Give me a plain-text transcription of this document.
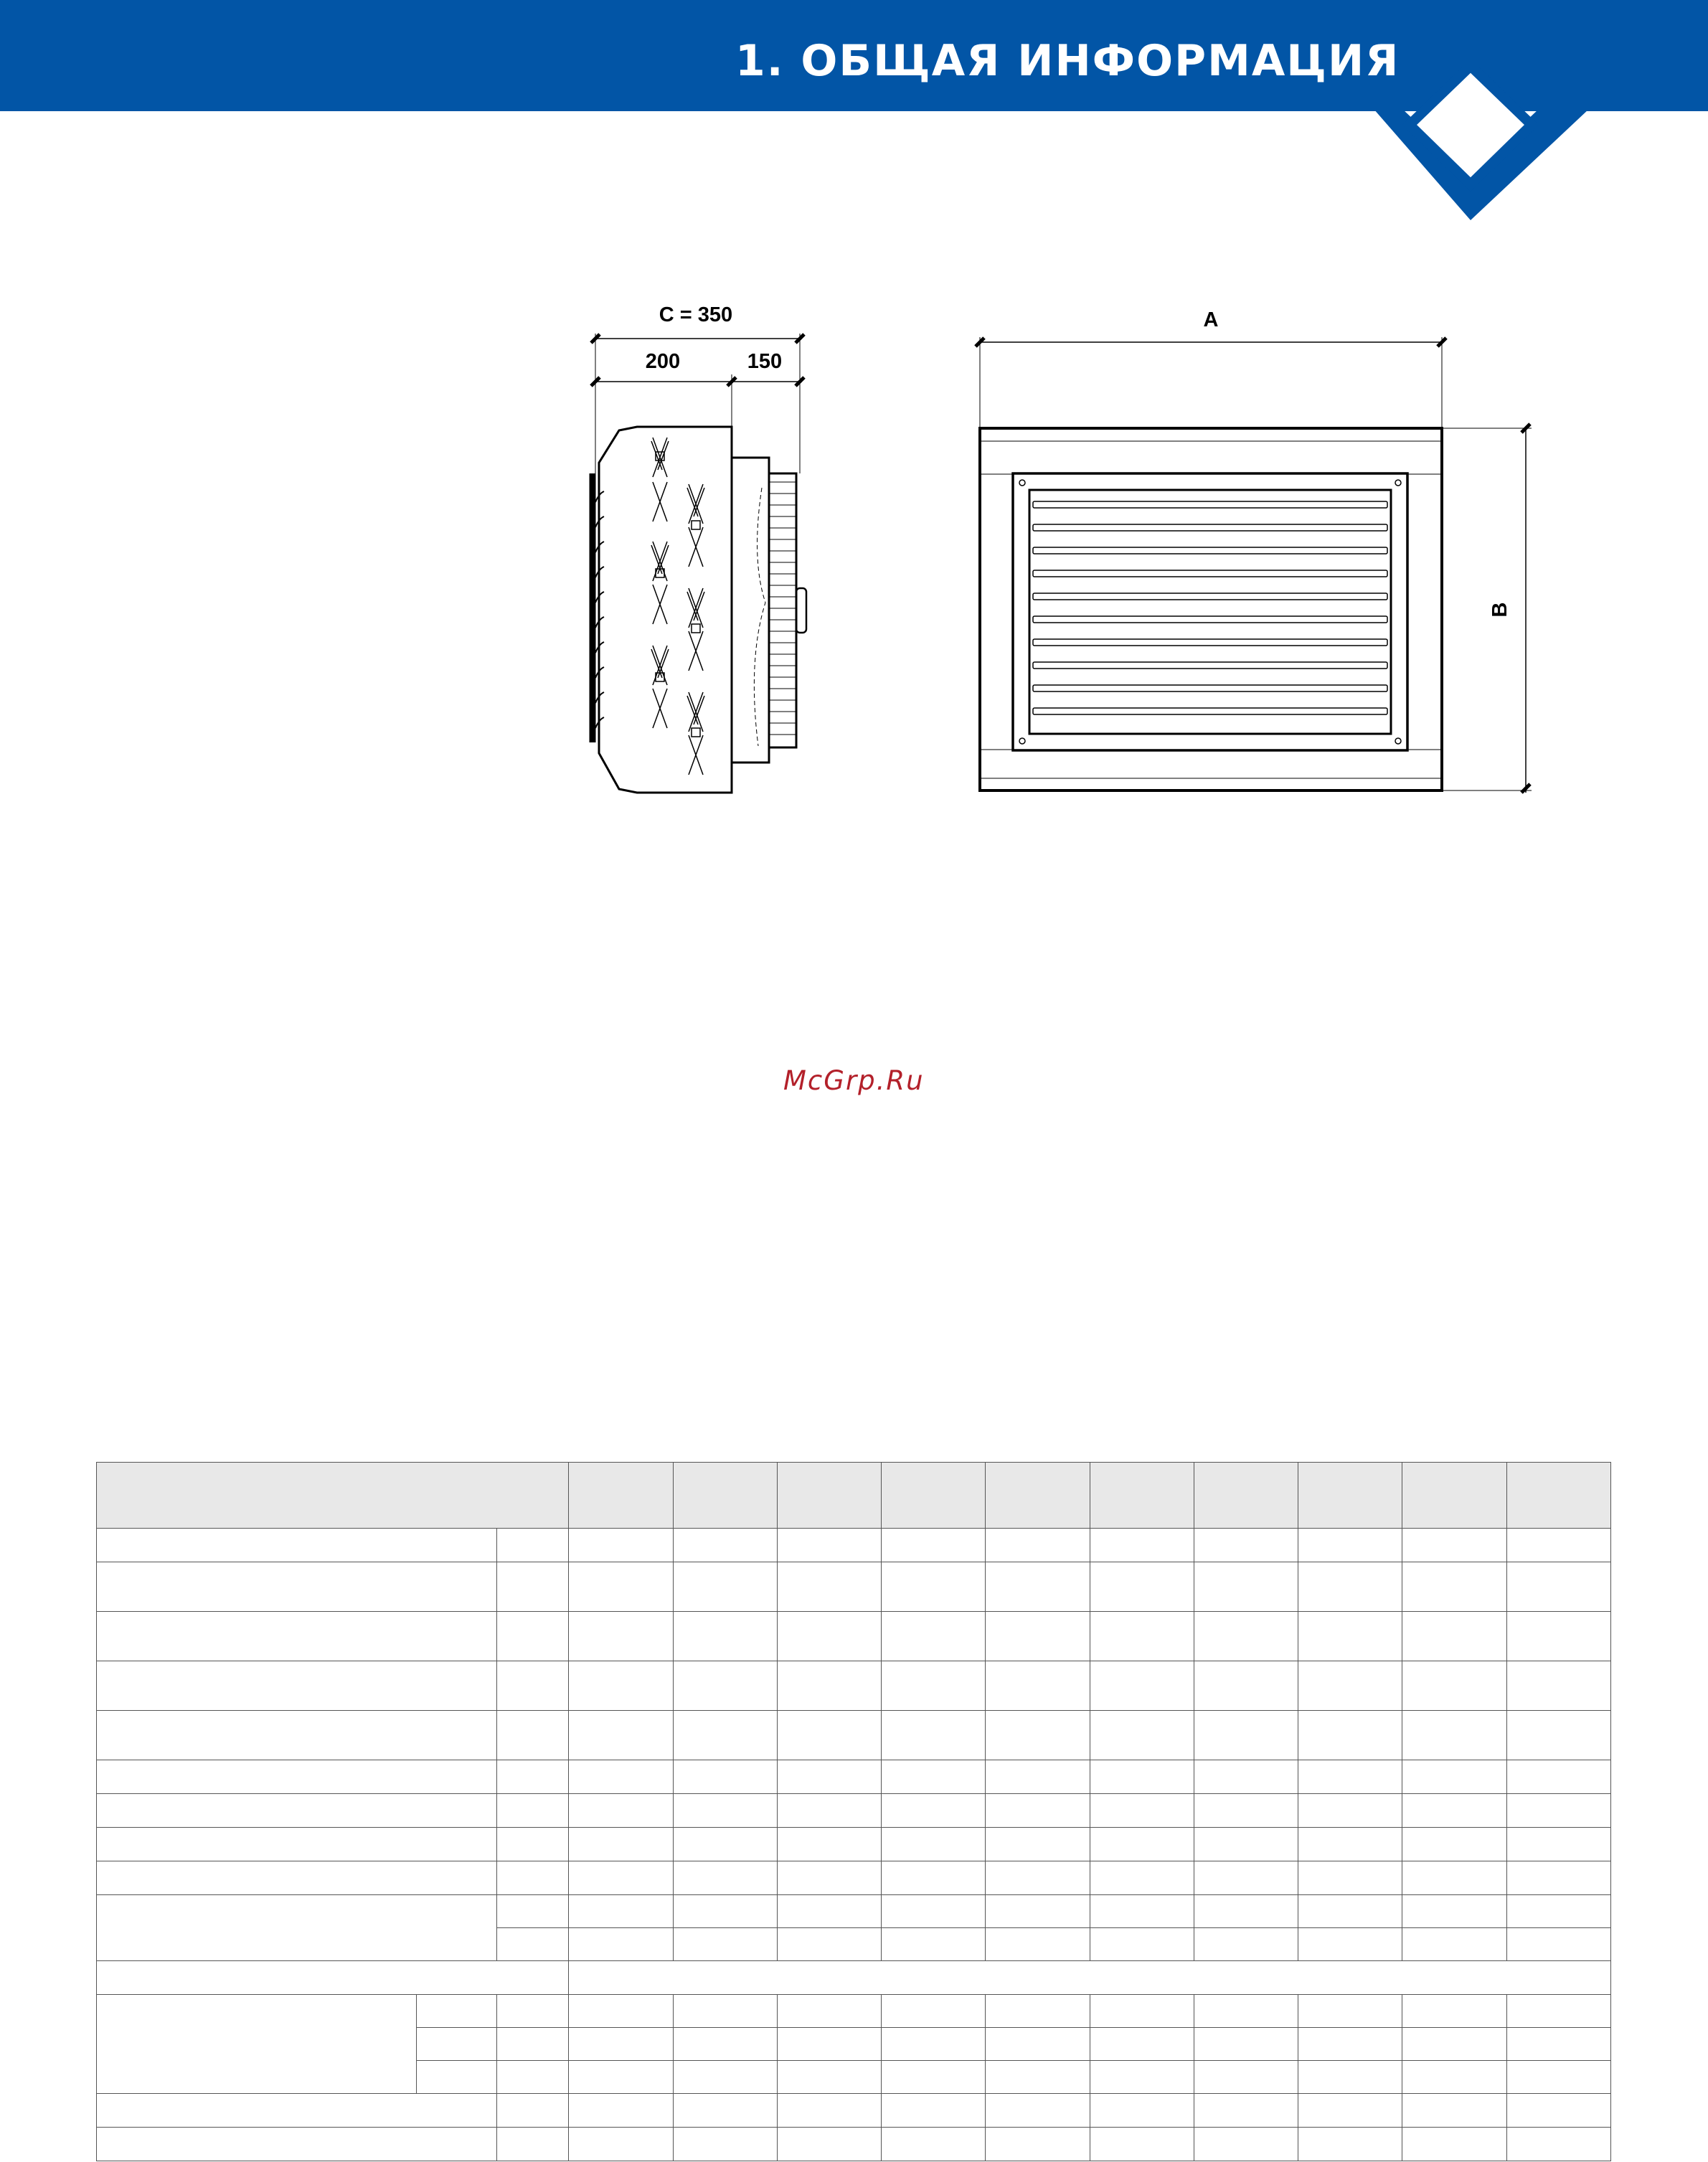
1. ОБЩАЯ ИНФОРМАЦИЯ
C = 350
200	150
A
B
McGrp.Ru
